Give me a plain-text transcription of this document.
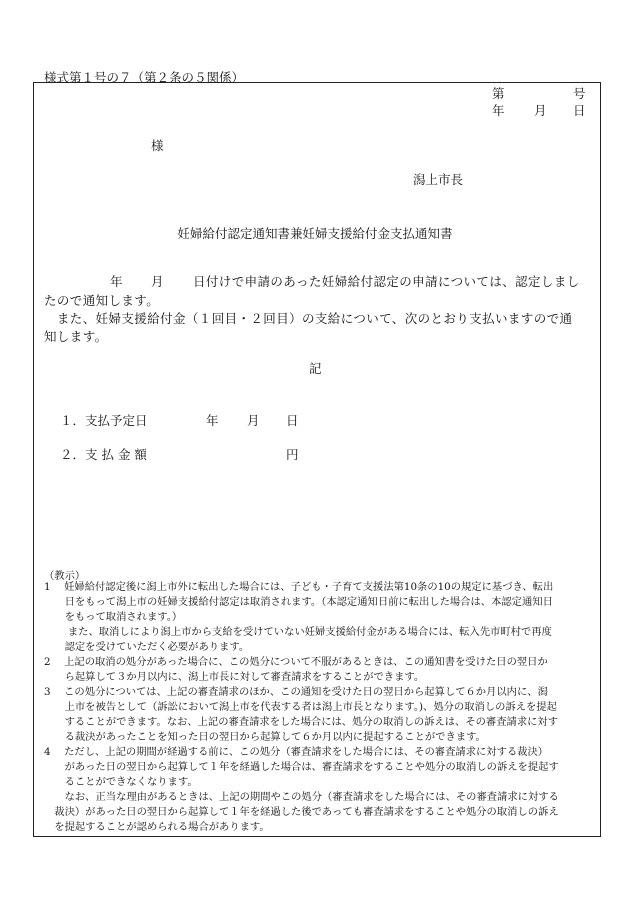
様式第１号の７（第２条の５関係）
第	号
年 月 日
様
潟上市長
妊婦給付認定通知書兼妊婦支援給付金支払通知書
年 月 日付けで申請のあった妊婦給付認定の申請については、認定しまし
たので通知します。
　また、妊婦支援給付金（１回目・２回目）の支給について、次のとおり支払いますので通
知します。
記
１．支払予定日	年 月 日
２．支 払 金 額	円
（教示）
1　 妊婦給付認定後に潟上市外に転出した場合には、子ども・子育て支援法第10条の10の規定に基づき、転出
　　日をもって潟上市の妊婦支援給付認定は取消されます。（本認定通知日前に転出した場合は、本認定通知日
　　をもって取消されます。）
　　 また、取消しにより潟上市から支給を受けていない妊婦支援給付金がある場合には、転入先市町村で再度
　　認定を受けていただく必要があります。
2　 上記の取消の処分があった場合に、この処分について不服があるときは、この通知書を受けた日の翌日か
　　ら起算して３か月以内に、潟上市長に対して審査請求をすることができます。
3　 この処分については、上記の審査請求のほか、この通知を受けた日の翌日から起算して６か月以内に、潟
　　上市を被告として（訴訟において潟上市を代表する者は潟上市長となります。)、処分の取消しの訴えを提起
　　することができます。なお、上記の審査請求をした場合には、処分の取消しの訴えは、その審査請求に対す
　　る裁決があったことを知った日の翌日から起算して６か月以内に提起することができます。
4　 ただし、上記の期間が経過する前に、この処分（審査請求をした場合には、その審査請求に対する裁決）
　　があった日の翌日から起算して１年を経過した場合は、審査請求をすることや処分の取消しの訴えを提起す
　　ることができなくなります。
　　なお、正当な理由があるときは、上記の期間やこの処分（審査請求をした場合には、その審査請求に対する
　裁決）があった日の翌日から起算して１年を経過した後であっても審査請求をすることや処分の取消しの訴え
　を提起することが認められる場合があります。
